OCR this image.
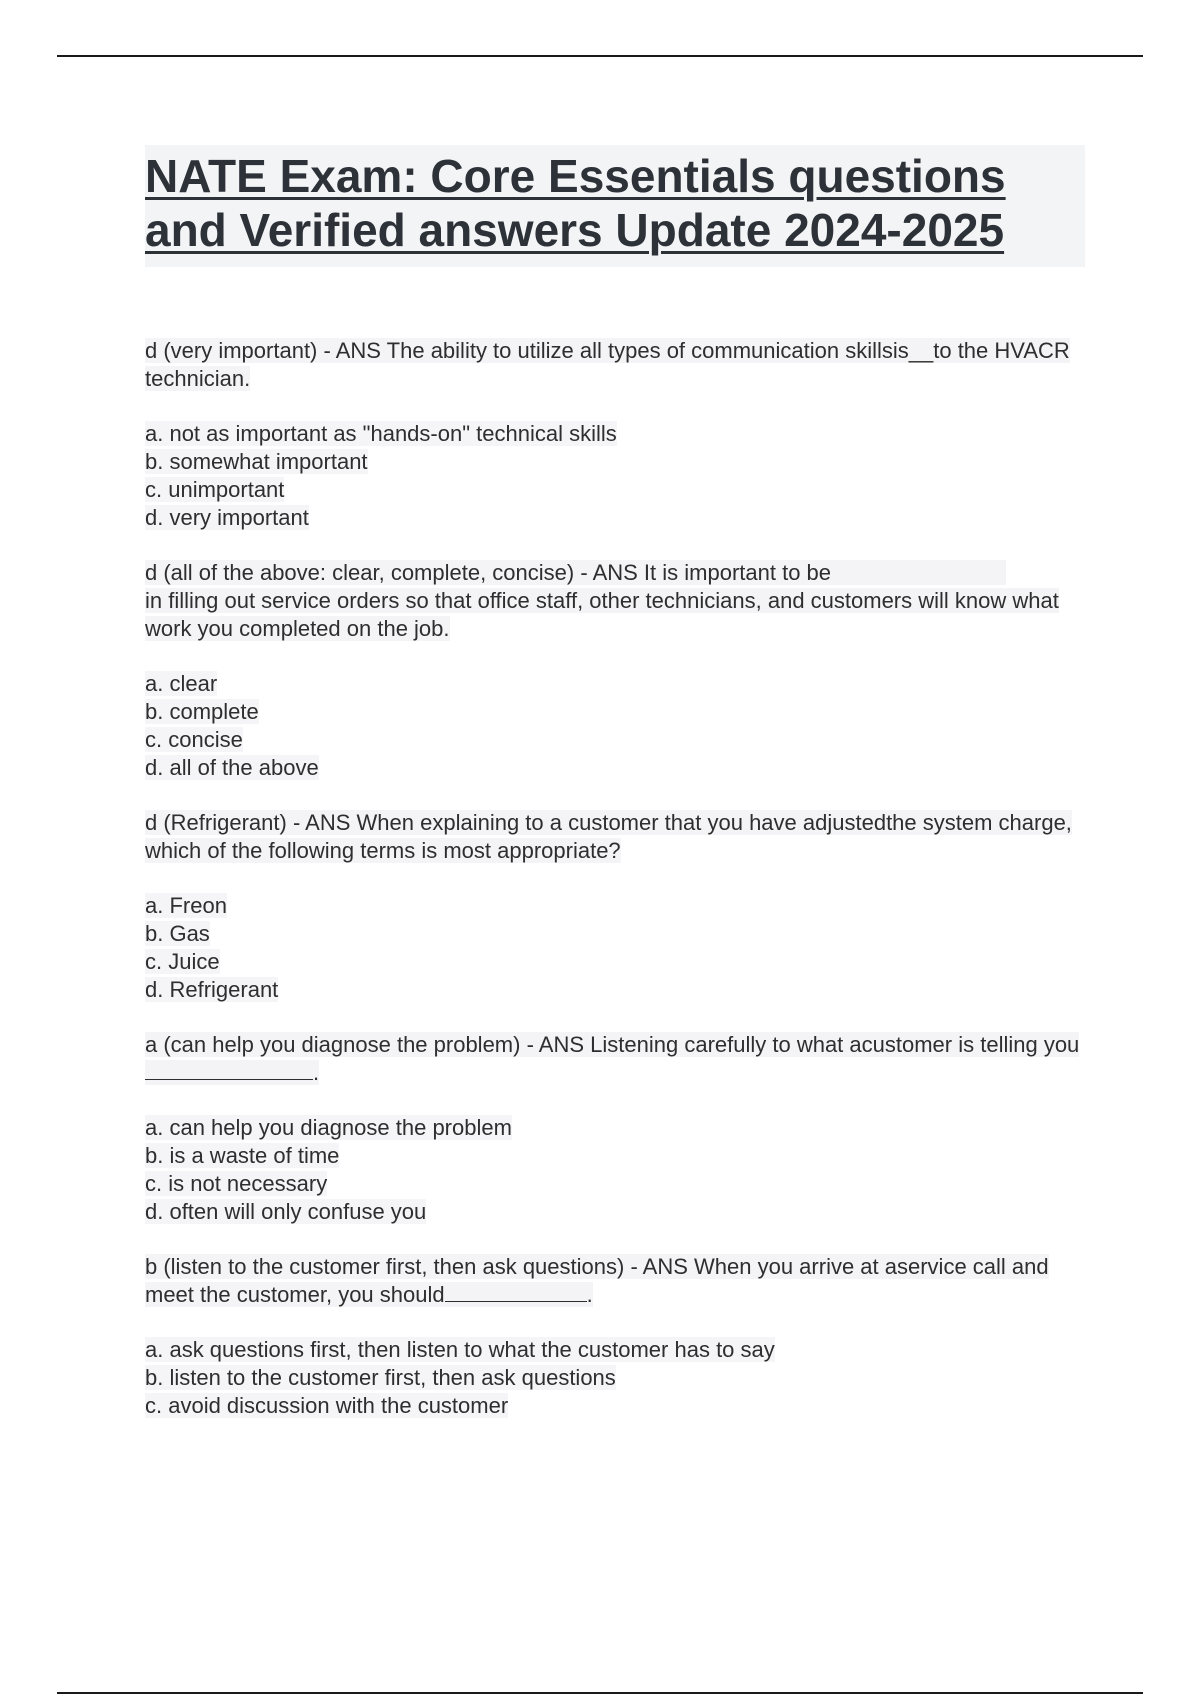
NATE Exam: Core Essentials questions
and Verified answers Update 2024-2025

d (very important) - ANS The ability to utilize all types of communication skillsis__to the HVACR technician.

a. not as important as "hands-on" technical skills
b. somewhat important
c. unimportant
d. very important

d (all of the above: clear, complete, concise) - ANS It is important to be
in filling out service orders so that office staff, other technicians, and customers will know what work you completed on the job.

a. clear
b. complete
c. concise
d. all of the above

d (Refrigerant) - ANS When explaining to a customer that you have adjustedthe system charge, which of the following terms is most appropriate?

a. Freon
b. Gas
c. Juice
d. Refrigerant

a (can help you diagnose the problem) - ANS Listening carefully to what acustomer is telling you.

a. can help you diagnose the problem
b. is a waste of time
c. is not necessary
d. often will only confuse you

b (listen to the customer first, then ask questions) - ANS When you arrive at aservice call and meet the customer, you should	.

a. ask questions first, then listen to what the customer has to say
b. listen to the customer first, then ask questions
c. avoid discussion with the customer
